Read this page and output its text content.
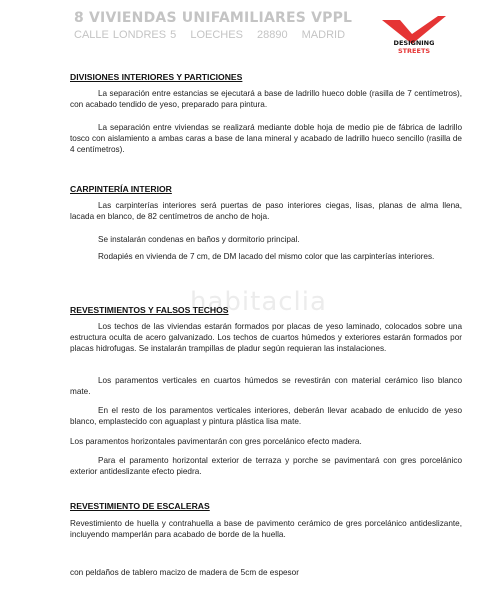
8 VIVIENDAS UNIFAMILIARES VPPL
CALLE LONDRES 5 LOECHES 28890 MADRID
DESIGNING
STREETS
habitaclia
DIVISIONES INTERIORES Y PARTICIONES

La separación entre estancias se ejecutará a base de ladrillo hueco doble (rasilla de 7 centímetros), con acabado tendido de yeso, preparado para pintura.

La separación entre viviendas se realizará mediante doble hoja de medio pie de fábrica de ladrillo tosco con aislamiento a ambas caras a base de lana mineral y acabado de ladrillo hueco sencillo (rasilla de 4 centímetros).

CARPINTERÍA INTERIOR

Las carpinterías interiores será puertas de paso interiores ciegas, lisas, planas de alma llena, lacada en blanco, de 82 centímetros de ancho de hoja.

Se instalarán condenas en baños y dormitorio principal.

Rodapiés en vivienda de 7 cm, de DM lacado del mismo color que las carpinterías interiores.

REVESTIMIENTOS Y FALSOS TECHOS

Los techos de las viviendas estarán formados por placas de yeso laminado, colocados sobre una estructura oculta de acero galvanizado. Los techos de cuartos húmedos y exteriores estarán formados por placas hidrofugas. Se instalarán trampillas de pladur según requieran las instalaciones.

Los paramentos verticales en cuartos húmedos se revestirán con material cerámico liso blanco mate.

En el resto de los paramentos verticales interiores, deberán llevar acabado de enlucido de yeso blanco, emplastecido con aguaplast y pintura plástica lisa mate.

Los paramentos horizontales pavimentarán con gres porcelánico efecto madera.

Para el paramento horizontal exterior de terraza y porche se pavimentará con gres porcelánico exterior antideslizante efecto piedra.

REVESTIMIENTO DE ESCALERAS

Revestimiento de huella y contrahuella a base de pavimento cerámico de gres porcelánico antideslizante, incluyendo mamperlán para acabado de borde de la huella.

con peldaños de tablero macizo de madera de 5cm de espesor
